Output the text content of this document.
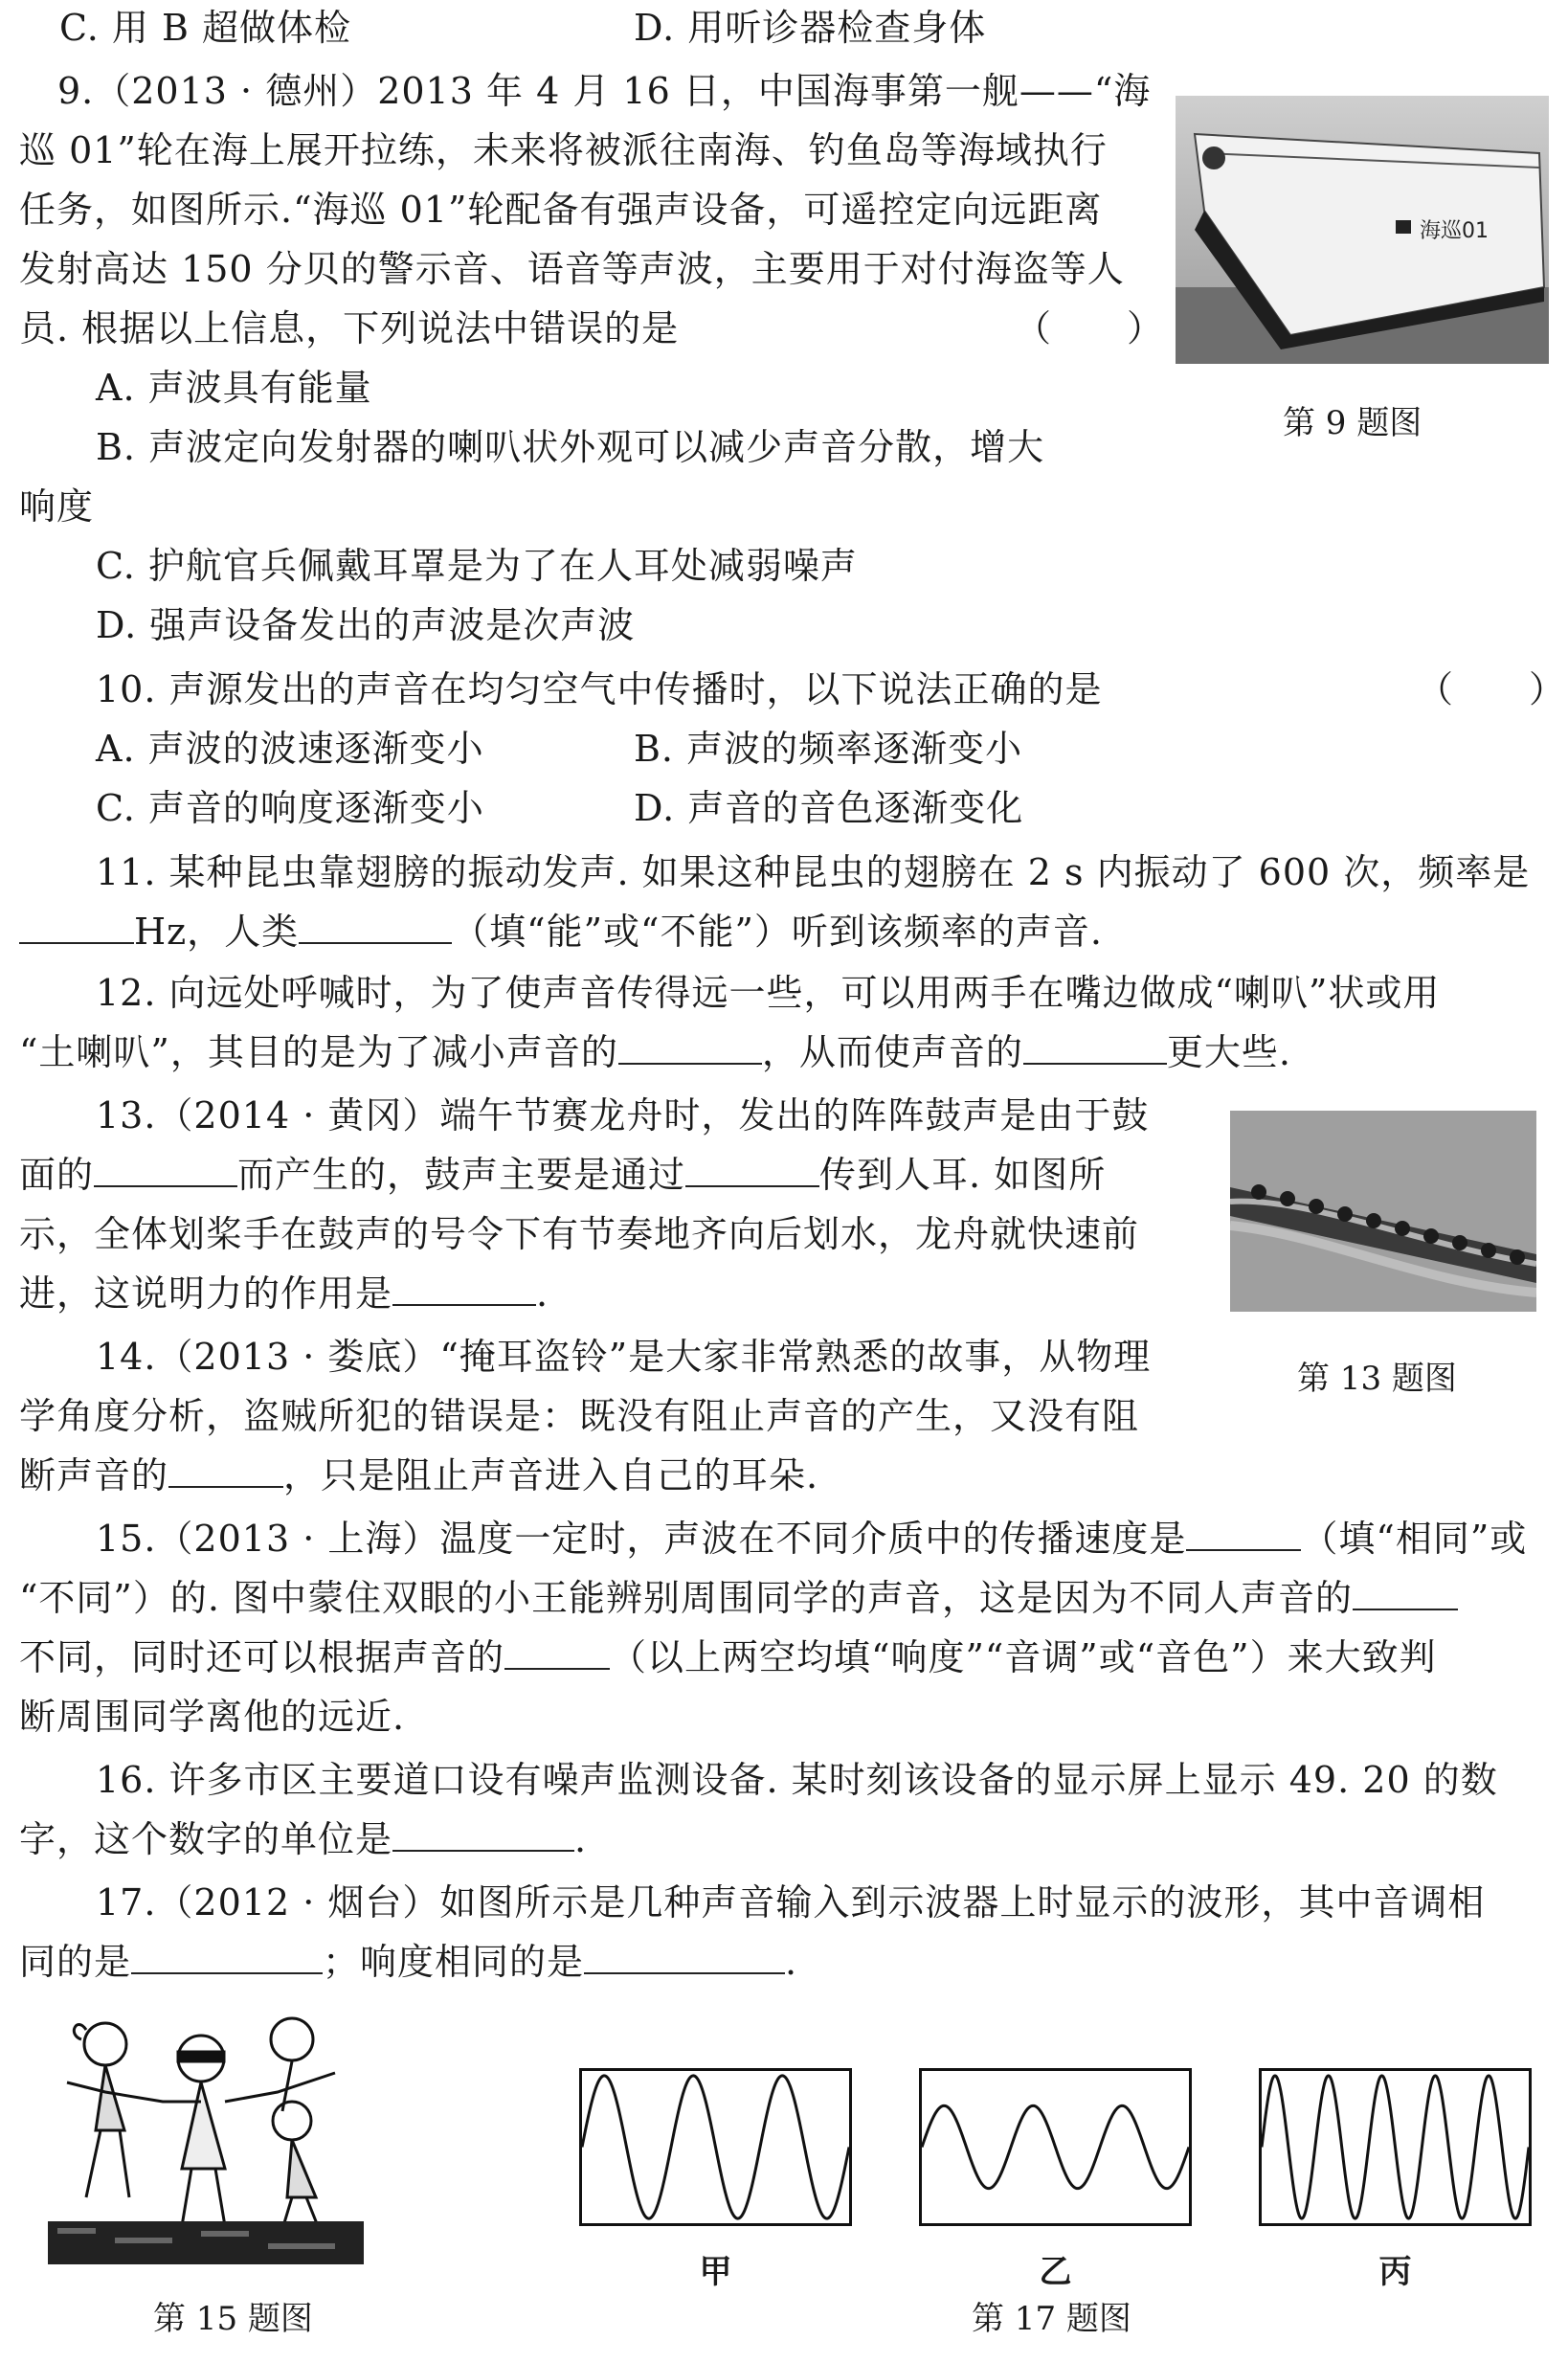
C. 用 B 超做体检	D. 用听诊器检查身体
9.（2013 · 德州）2013 年 4 月 16 日，中国海事第一舰——“海
巡 01”轮在海上展开拉练，未来将被派往南海、钓鱼岛等海域执行
任务，如图所示.“海巡 01”轮配备有强声设备，可遥控定向远距离
发射高达 150 分贝的警示音、语音等声波，主要用于对付海盗等人
员. 根据以上信息，下列说法中错误的是	（　　）
A. 声波具有能量
B. 声波定向发射器的喇叭状外观可以减少声音分散，增大
响度
C. 护航官兵佩戴耳罩是为了在人耳处减弱噪声
D. 强声设备发出的声波是次声波
海巡01
第 9 题图
10. 声源发出的声音在均匀空气中传播时，以下说法正确的是	（　　）
A. 声波的波速逐渐变小	B. 声波的频率逐渐变小
C. 声音的响度逐渐变小	D. 声音的音色逐渐变化
11. 某种昆虫靠翅膀的振动发声. 如果这种昆虫的翅膀在 2 s 内振动了 600 次，频率是
Hz，人类	（填“能”或“不能”）听到该频率的声音.
12. 向远处呼喊时，为了使声音传得远一些，可以用两手在嘴边做成“喇叭”状或用
“土喇叭”，其目的是为了减小声音的	，从而使声音的	更大些.
13.（2014 · 黄冈）端午节赛龙舟时，发出的阵阵鼓声是由于鼓
面的	而产生的，鼓声主要是通过	传到人耳. 如图所
示，全体划桨手在鼓声的号令下有节奏地齐向后划水，龙舟就快速前
进，这说明力的作用是	.
第 13 题图
14.（2013 · 娄底）“掩耳盗铃”是大家非常熟悉的故事，从物理
学角度分析，盗贼所犯的错误是：既没有阻止声音的产生，又没有阻
断声音的	，只是阻止声音进入自己的耳朵.
15.（2013 · 上海）温度一定时，声波在不同介质中的传播速度是	（填“相同”或
“不同”）的. 图中蒙住双眼的小王能辨别周围同学的声音，这是因为不同人声音的
不同，同时还可以根据声音的	（以上两空均填“响度”“音调”或“音色”）来大致判
断周围同学离他的远近.
16. 许多市区主要道口设有噪声监测设备. 某时刻该设备的显示屏上显示 49. 20 的数
字，这个数字的单位是	.
17.（2012 · 烟台）如图所示是几种声音输入到示波器上时显示的波形，其中音调相
同的是	；响度相同的是	.
第 15 题图
甲	乙	丙
第 17 题图
